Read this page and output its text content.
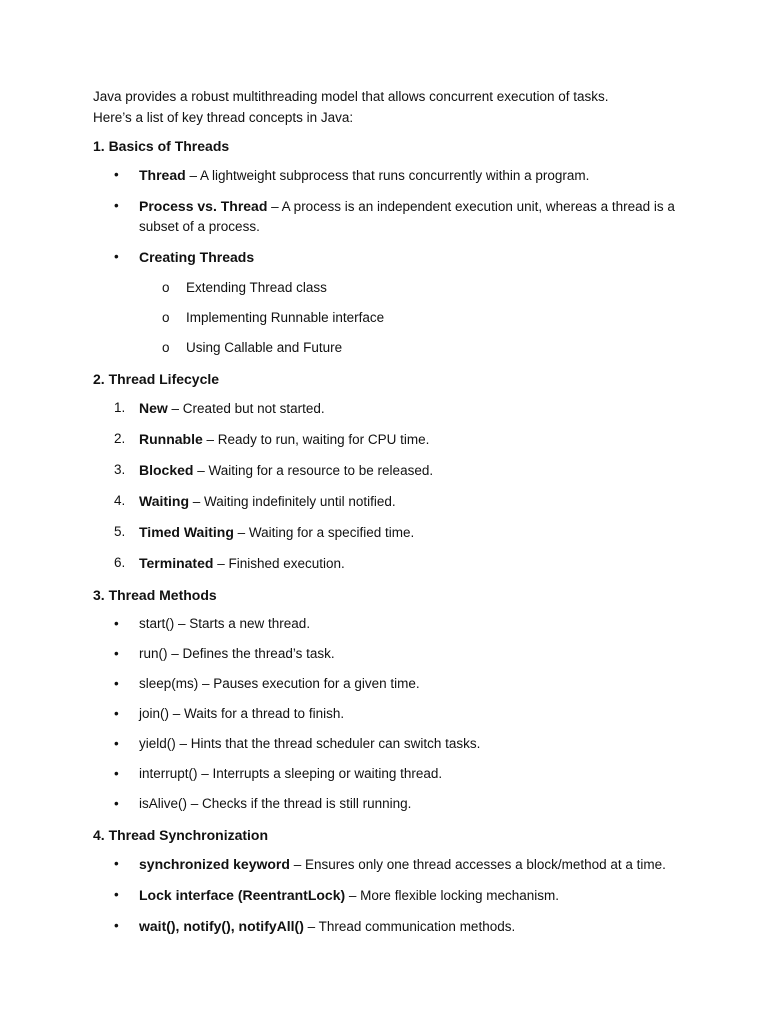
Java provides a robust multithreading model that allows concurrent execution of tasks.
Here’s a list of key thread concepts in Java:

1. Basics of Threads
• Thread – A lightweight subprocess that runs concurrently within a program.
• Process vs. Thread – A process is an independent execution unit, whereas a thread is a subset of a process.
• Creating Threads
o Extending Thread class
o Implementing Runnable interface
o Using Callable and Future
2. Thread Lifecycle
1. New – Created but not started.
2. Runnable – Ready to run, waiting for CPU time.
3. Blocked – Waiting for a resource to be released.
4. Waiting – Waiting indefinitely until notified.
5. Timed Waiting – Waiting for a specified time.
6. Terminated – Finished execution.
3. Thread Methods
• start() – Starts a new thread.
• run() – Defines the thread’s task.
• sleep(ms) – Pauses execution for a given time.
• join() – Waits for a thread to finish.
• yield() – Hints that the thread scheduler can switch tasks.
• interrupt() – Interrupts a sleeping or waiting thread.
• isAlive() – Checks if the thread is still running.
4. Thread Synchronization
• synchronized keyword – Ensures only one thread accesses a block/method at a time.
• Lock interface (ReentrantLock) – More flexible locking mechanism.
• wait(), notify(), notifyAll() – Thread communication methods.
